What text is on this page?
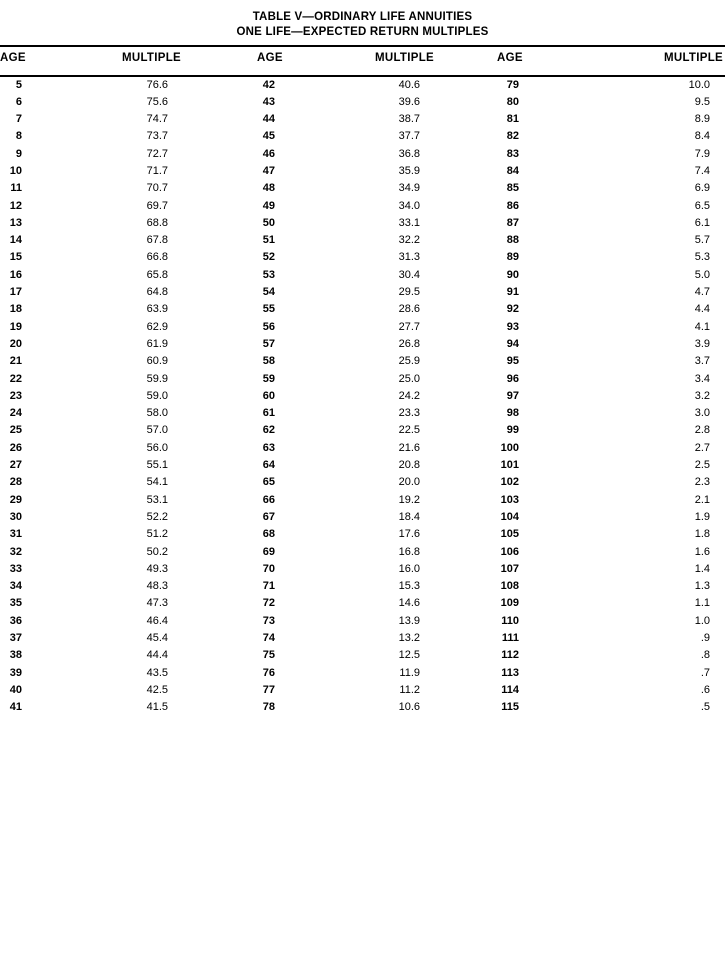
TABLE V—ORDINARY LIFE ANNUITIES
ONE LIFE—EXPECTED RETURN MULTIPLES
AGE	MULTIPLE	AGE	MULTIPLE	AGE	MULTIPLE
5	76.6	42	40.6	79	10.0
6	75.6	43	39.6	80	9.5
7	74.7	44	38.7	81	8.9
8	73.7	45	37.7	82	8.4
9	72.7	46	36.8	83	7.9
10	71.7	47	35.9	84	7.4
11	70.7	48	34.9	85	6.9
12	69.7	49	34.0	86	6.5
13	68.8	50	33.1	87	6.1
14	67.8	51	32.2	88	5.7
15	66.8	52	31.3	89	5.3
16	65.8	53	30.4	90	5.0
17	64.8	54	29.5	91	4.7
18	63.9	55	28.6	92	4.4
19	62.9	56	27.7	93	4.1
20	61.9	57	26.8	94	3.9
21	60.9	58	25.9	95	3.7
22	59.9	59	25.0	96	3.4
23	59.0	60	24.2	97	3.2
24	58.0	61	23.3	98	3.0
25	57.0	62	22.5	99	2.8
26	56.0	63	21.6	100	2.7
27	55.1	64	20.8	101	2.5
28	54.1	65	20.0	102	2.3
29	53.1	66	19.2	103	2.1
30	52.2	67	18.4	104	1.9
31	51.2	68	17.6	105	1.8
32	50.2	69	16.8	106	1.6
33	49.3	70	16.0	107	1.4
34	48.3	71	15.3	108	1.3
35	47.3	72	14.6	109	1.1
36	46.4	73	13.9	110	1.0
37	45.4	74	13.2	111	.9
38	44.4	75	12.5	112	.8
39	43.5	76	11.9	113	.7
40	42.5	77	11.2	114	.6
41	41.5	78	10.6	115	.5
